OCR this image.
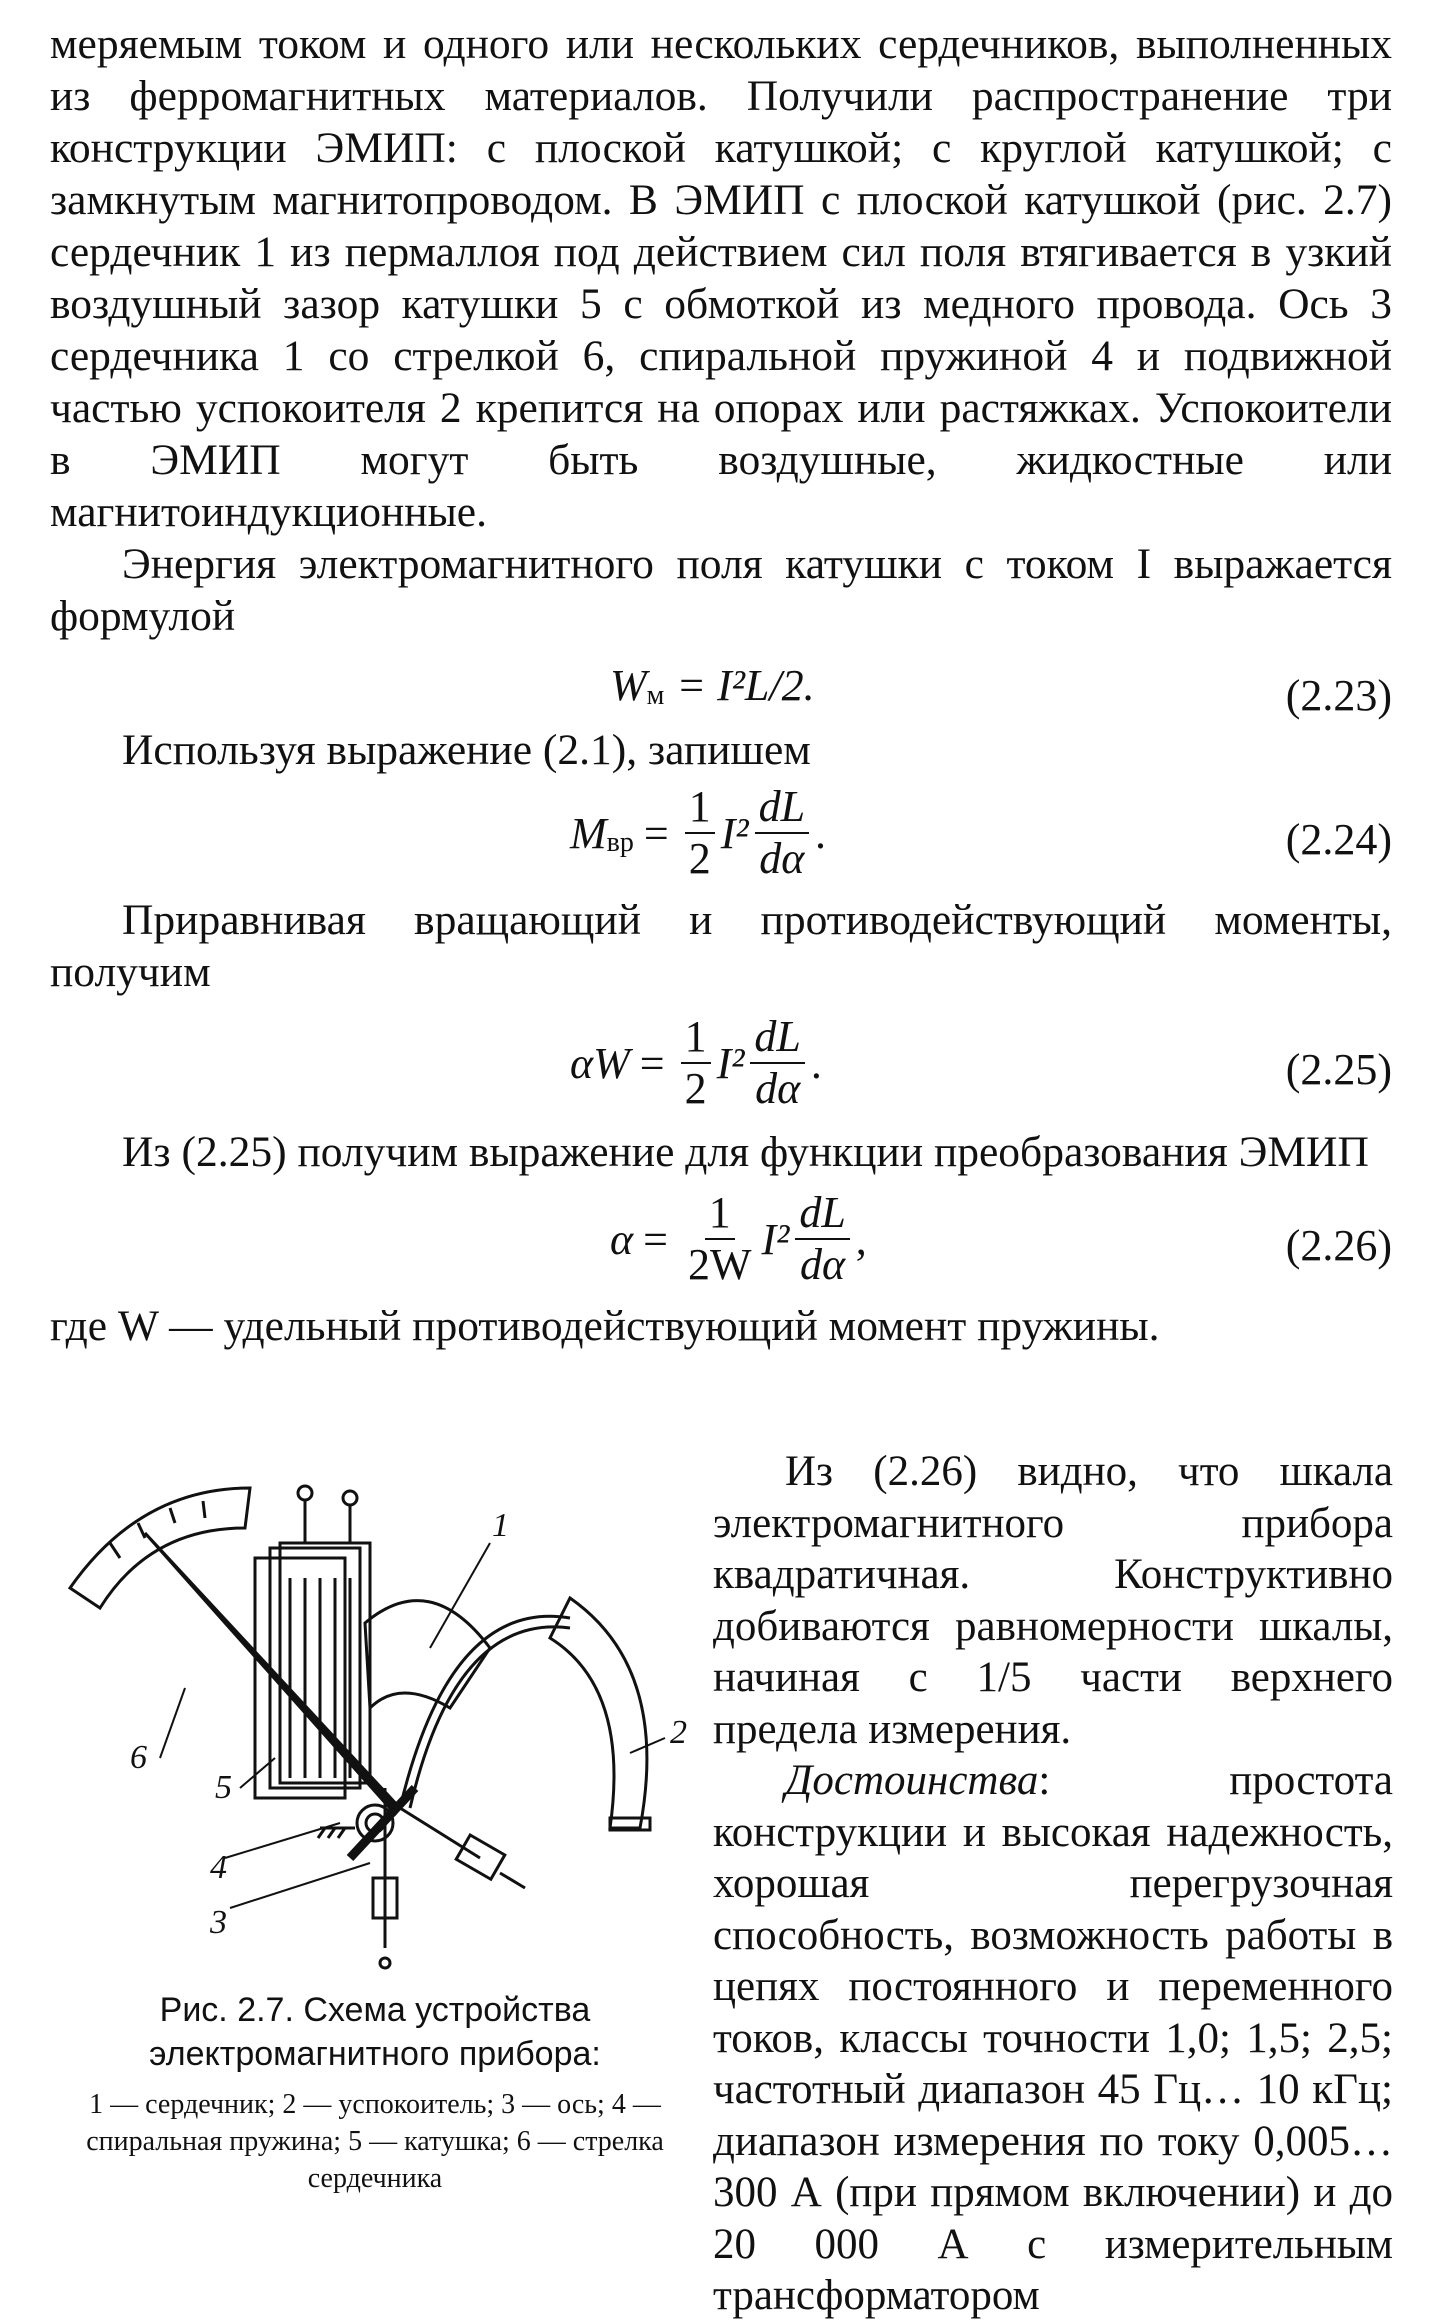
меряемым током и одного или нескольких сердечников, выполненных из ферромагнитных материалов. Получили распространение три конструкции ЭМИП: с плоской катушкой; с круглой катушкой; с замкнутым магнитопроводом. В ЭМИП с плоской катушкой (рис. 2.7) сердечник 1 из пермаллоя под действием сил поля втягивается в узкий воздушный зазор катушки 5 с обмоткой из медного провода. Ось 3 сердечника 1 со стрелкой 6, спиральной пружиной 4 и подвижной частью успокоителя 2 крепится на опорах или растяжках. Успокоители в ЭМИП могут быть воздушные, жидкостные или магнитоиндукционные.

Энергия электромагнитного поля катушки с током I выражается формулой

W м = I²L/2.	(2.23)

Используя выражение (2.1), запишем

M вр = $\frac{1}{2} I^2 \frac{dL}{d\alpha}$ .	(2.24)

Приравнивая вращающий и противодействующий моменты, получим

$\alpha W = \frac{1}{2} I^2 \frac{dL}{d\alpha}$ .	(2.25)

Из (2.25) получим выражение для функции преобразования ЭМИП

$\alpha = \frac{1}{2W} I^2 \frac{dL}{d\alpha}$ ,	(2.26)

где W — удельный противодействующий момент пружины.

1
2
3
4
5
6
Рис. 2.7. Схема устройства электромагнитного прибора:
1 — сердечник; 2 — успокоитель; 3 — ось; 4 — спиральная пружина; 5 — катушка; 6 — стрелка сердечника

Из (2.26) видно, что шкала электромагнитного прибора квадратичная. Конструктивно добиваются равномерности шкалы, начиная с 1/5 части верхнего предела измерения.

Достоинства: простота конструкции и высокая надежность, хорошая перегрузочная способность, возможность работы в цепях постоянного и переменного токов, классы точности 1,0; 1,5; 2,5; частотный диапазон 45 Гц… 10 кГц; диапазон измерения по току 0,005… 300 А (при прямом включении) и до 20 000 А с измерительным трансформатором
